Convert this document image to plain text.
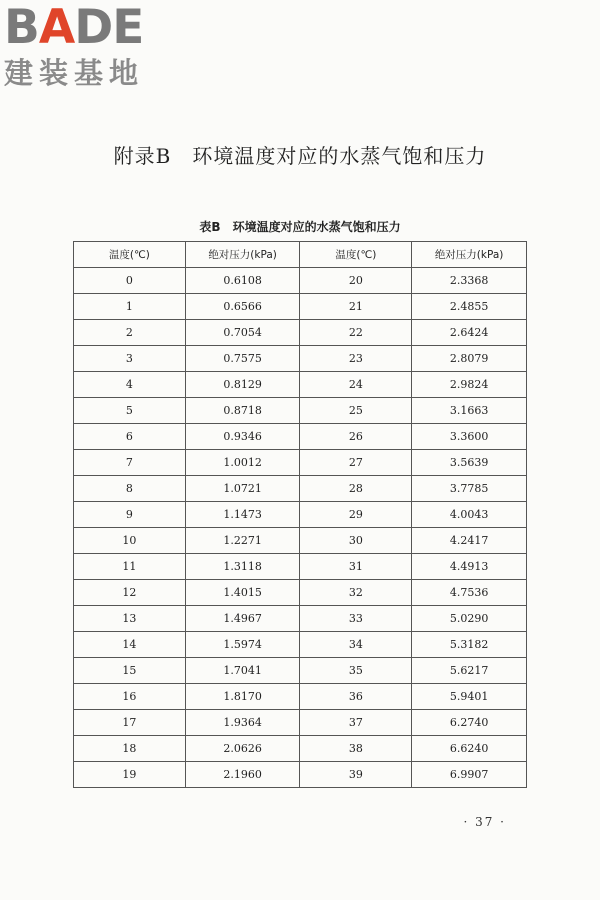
BADE
建装基地
附录B　环境温度对应的水蒸气饱和压力
表B　环境温度对应的水蒸气饱和压力
温度(℃)	绝对压力(kPa)	温度(℃)	绝对压力(kPa)
0	0.6108	20	2.3368
1	0.6566	21	2.4855
2	0.7054	22	2.6424
3	0.7575	23	2.8079
4	0.8129	24	2.9824
5	0.8718	25	3.1663
6	0.9346	26	3.3600
7	1.0012	27	3.5639
8	1.0721	28	3.7785
9	1.1473	29	4.0043
10	1.2271	30	4.2417
11	1.3118	31	4.4913
12	1.4015	32	4.7536
13	1.4967	33	5.0290
14	1.5974	34	5.3182
15	1.7041	35	5.6217
16	1.8170	36	5.9401
17	1.9364	37	6.2740
18	2.0626	38	6.6240
19	2.1960	39	6.9907
· 37 ·
